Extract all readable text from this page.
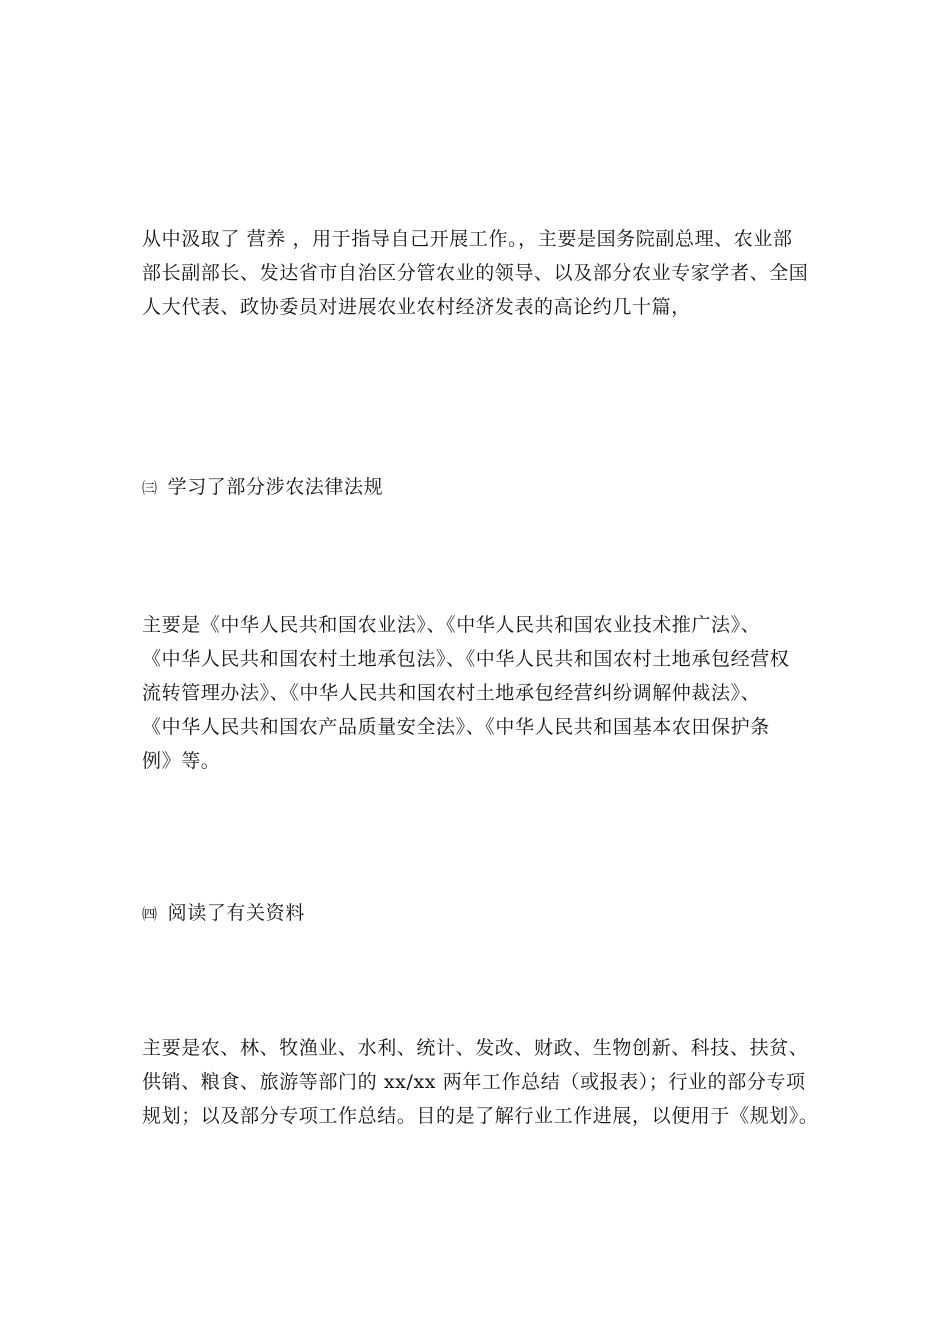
从中汲取了 营养 ，用于指导自己开展工作。，主要是国务院副总理、农业部
部长副部长、发达省市自治区分管农业的领导、以及部分农业专家学者、全国
人大代表、政协委员对进展农业农村经济发表的高论约几十篇，
㈢ 学习了部分涉农法律法规
主要是《中华人民共和国农业法》、《中华人民共和国农业技术推广法》、
《中华人民共和国农村土地承包法》、《中华人民共和国农村土地承包经营权
流转管理办法》、《中华人民共和国农村土地承包经营纠纷调解仲裁法》、
《中华人民共和国农产品质量安全法》、《中华人民共和国基本农田保护条
例》等。
㈣ 阅读了有关资料
主要是农、林、牧渔业、水利、统计、发改、财政、生物创新、科技、扶贫、
供销、粮食、旅游等部门的 xx/xx 两年工作总结（或报表）；行业的部分专项
规划；以及部分专项工作总结。目的是了解行业工作进展，以便用于《规划》。
